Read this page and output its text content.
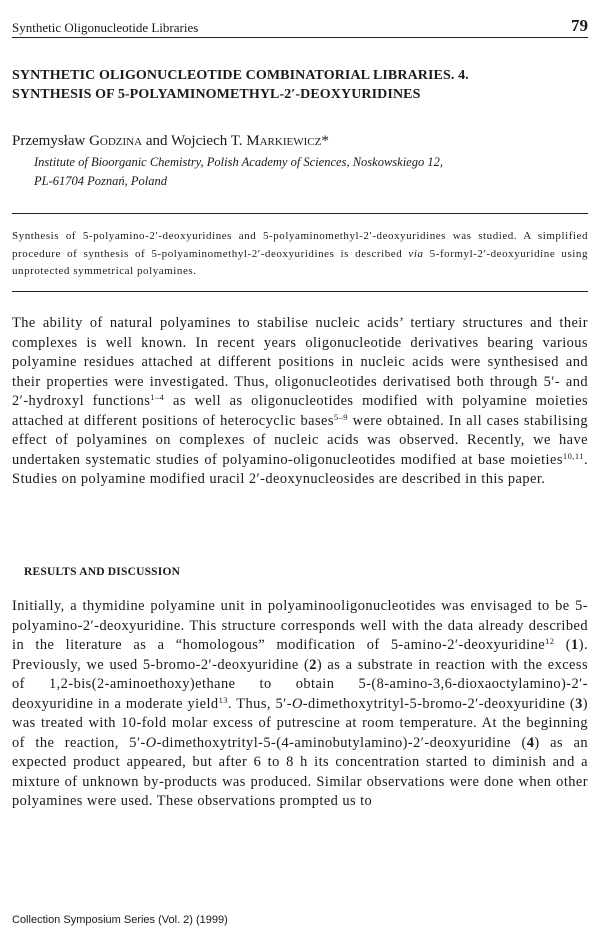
Synthetic Oligonucleotide Libraries	79
SYNTHETIC OLIGONUCLEOTIDE COMBINATORIAL LIBRARIES. 4.
SYNTHESIS OF 5-POLYAMINOMETHYL-2′-DEOXYURIDINES
Przemysław Godzina and Wojciech T. Markiewicz*
Institute of Bioorganic Chemistry, Polish Academy of Sciences, Noskowskiego 12,
PL-61704 Poznań, Poland

Synthesis of 5-polyamino-2′-deoxyuridines and 5-polyaminomethyl-2′-deoxyuridines was studied. A simplified procedure of synthesis of 5-polyaminomethyl-2′-deoxyuridines is described via 5-formyl-2′-deoxyuridine using unprotected symmetrical polyamines.

The ability of natural polyamines to stabilise nucleic acids’ tertiary structures and their complexes is well known. In recent years oligonucleotide derivatives bearing various polyamine residues attached at different positions in nucleic acids were synthesised and their properties were investigated. Thus, oligonucleotides derivatised both through 5′- and 2′-hydroxyl functions$^{1-4}$ as well as oligonucleotides modified with polyamine moieties attached at different positions of heterocyclic bases$^{5-9}$ were obtained. In all cases stabilising effect of polyamines on complexes of nucleic acids was observed. Recently, we have undertaken systematic studies of polyamino-oligonucleotides modified at base moieties$^{10,11}$. Studies on polyamine modified uracil 2′-deoxynucleosides are described in this paper.

RESULTS AND DISCUSSION

Initially, a thymidine polyamine unit in polyaminooligonucleotides was envisaged to be 5-polyamino-2′-deoxyuridine. This structure corresponds well with the data already described in the literature as a “homologous” modification of 5-amino-2′-deoxyuridine$^{12}$ (1). Previously, we used 5-bromo-2′-deoxyuridine (2) as a substrate in reaction with the excess of 1,2-bis(2-aminoethoxy)ethane to obtain 5-(8-amino-3,6-dioxaoctylamino)-2′-deoxyuridine in a moderate yield$^{13}$. Thus, 5′-O-dimethoxytrityl-5-bromo-2′-deoxyuridine (3) was treated with 10-fold molar excess of putrescine at room temperature. At the beginning of the reaction, 5′-O-dimethoxytrityl-5-(4-aminobutylamino)-2′-deoxyuridine (4) as an expected product appeared, but after 6 to 8 h its concentration started to diminish and a mixture of unknown by-products was produced. Similar observations were done when other polyamines were used. These observations prompted us to

Collection Symposium Series (Vol. 2) (1999)
